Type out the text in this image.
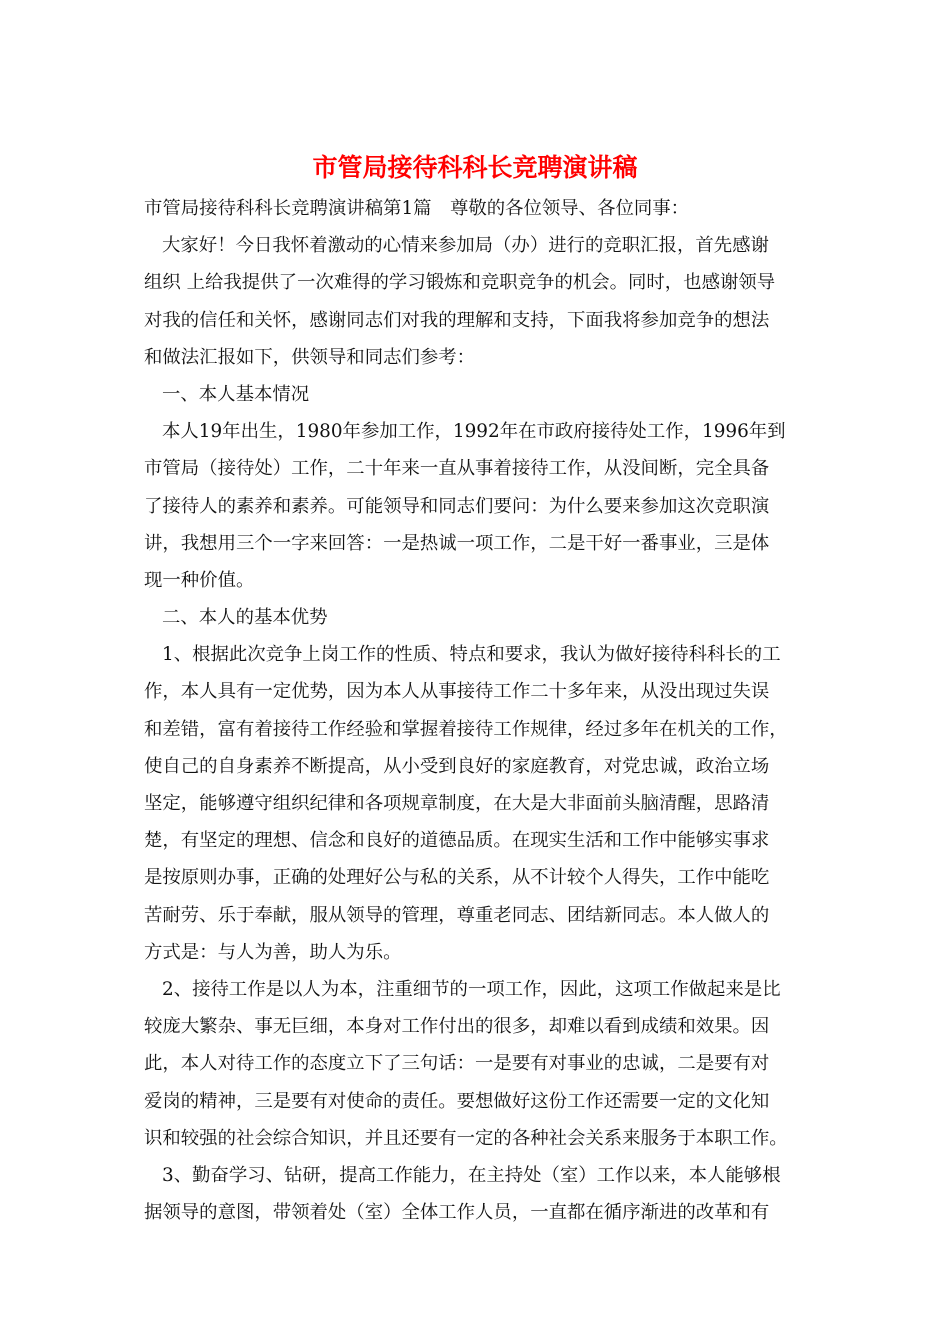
市管局接待科科长竞聘演讲稿
市管局接待科科长竞聘演讲稿第1篇　尊敬的各位领导、各位同事：
大家好！今日我怀着激动的心情来参加局（办）进行的竞职汇报，首先感谢
组织 上给我提供了一次难得的学习锻炼和竞职竞争的机会。同时，也感谢领导
对我的信任和关怀，感谢同志们对我的理解和支持，下面我将参加竞争的想法
和做法汇报如下，供领导和同志们参考：
一、本人基本情况
本人19年出生，1980年参加工作，1992年在市政府接待处工作，1996年到
市管局（接待处）工作，二十年来一直从事着接待工作，从没间断，完全具备
了接待人的素养和素养。可能领导和同志们要问：为什么要来参加这次竞职演
讲，我想用三个一字来回答：一是热诚一项工作，二是干好一番事业，三是体
现一种价值。
二、本人的基本优势
1、根据此次竞争上岗工作的性质、特点和要求，我认为做好接待科科长的工
作，本人具有一定优势，因为本人从事接待工作二十多年来，从没出现过失误
和差错，富有着接待工作经验和掌握着接待工作规律，经过多年在机关的工作，
使自己的自身素养不断提高，从小受到良好的家庭教育，对党忠诚，政治立场
坚定，能够遵守组织纪律和各项规章制度，在大是大非面前头脑清醒，思路清
楚，有坚定的理想、信念和良好的道德品质。在现实生活和工作中能够实事求
是按原则办事，正确的处理好公与私的关系，从不计较个人得失，工作中能吃
苦耐劳、乐于奉献，服从领导的管理，尊重老同志、团结新同志。本人做人的
方式是：与人为善，助人为乐。
2、接待工作是以人为本，注重细节的一项工作，因此，这项工作做起来是比
较庞大繁杂、事无巨细，本身对工作付出的很多，却难以看到成绩和效果。因
此，本人对待工作的态度立下了三句话：一是要有对事业的忠诚，二是要有对
爱岗的精神，三是要有对使命的责任。要想做好这份工作还需要一定的文化知
识和较强的社会综合知识，并且还要有一定的各种社会关系来服务于本职工作。
3、勤奋学习、钻研，提高工作能力，在主持处（室）工作以来，本人能够根
据领导的意图，带领着处（室）全体工作人员，一直都在循序渐进的改革和有
